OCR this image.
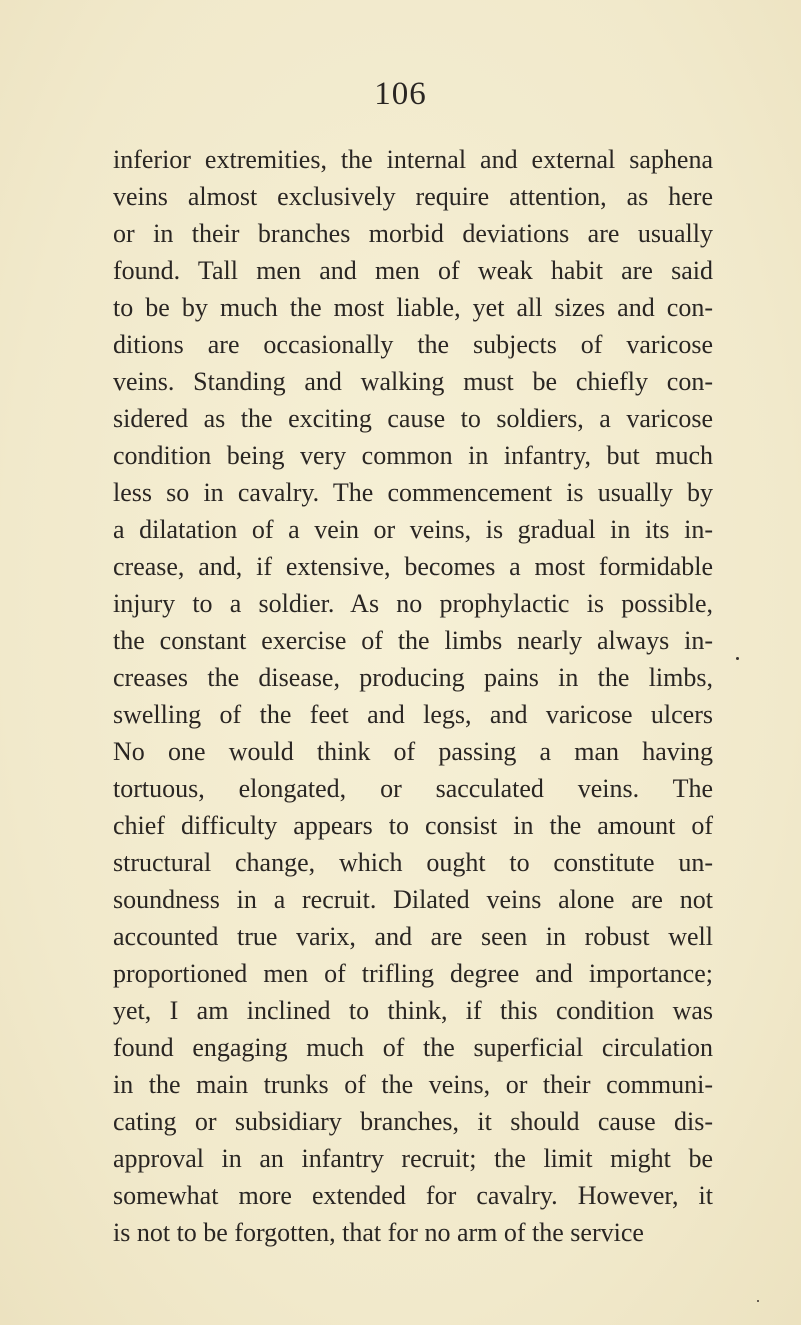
106
inferior extremities, the internal and external saphena
veins almost exclusively require attention, as here
or in their branches morbid deviations are usually
found. Tall men and men of weak habit are said
to be by much the most liable, yet all sizes and con-
ditions are occasionally the subjects of varicose
veins. Standing and walking must be chiefly con-
sidered as the exciting cause to soldiers, a varicose
condition being very common in infantry, but much
less so in cavalry. The commencement is usually by
a dilatation of a vein or veins, is gradual in its in-
crease, and, if extensive, becomes a most formidable
injury to a soldier. As no prophylactic is possible,
the constant exercise of the limbs nearly always in-
creases the disease, producing pains in the limbs,
swelling of the feet and legs, and varicose ulcers
No one would think of passing a man having
tortuous, elongated, or sacculated veins. The
chief difficulty appears to consist in the amount of
structural change, which ought to constitute un-
soundness in a recruit. Dilated veins alone are not
accounted true varix, and are seen in robust well
proportioned men of trifling degree and importance;
yet, I am inclined to think, if this condition was
found engaging much of the superficial circulation
in the main trunks of the veins, or their communi-
cating or subsidiary branches, it should cause dis-
approval in an infantry recruit; the limit might be
somewhat more extended for cavalry. However, it
is not to be forgotten, that for no arm of the service
